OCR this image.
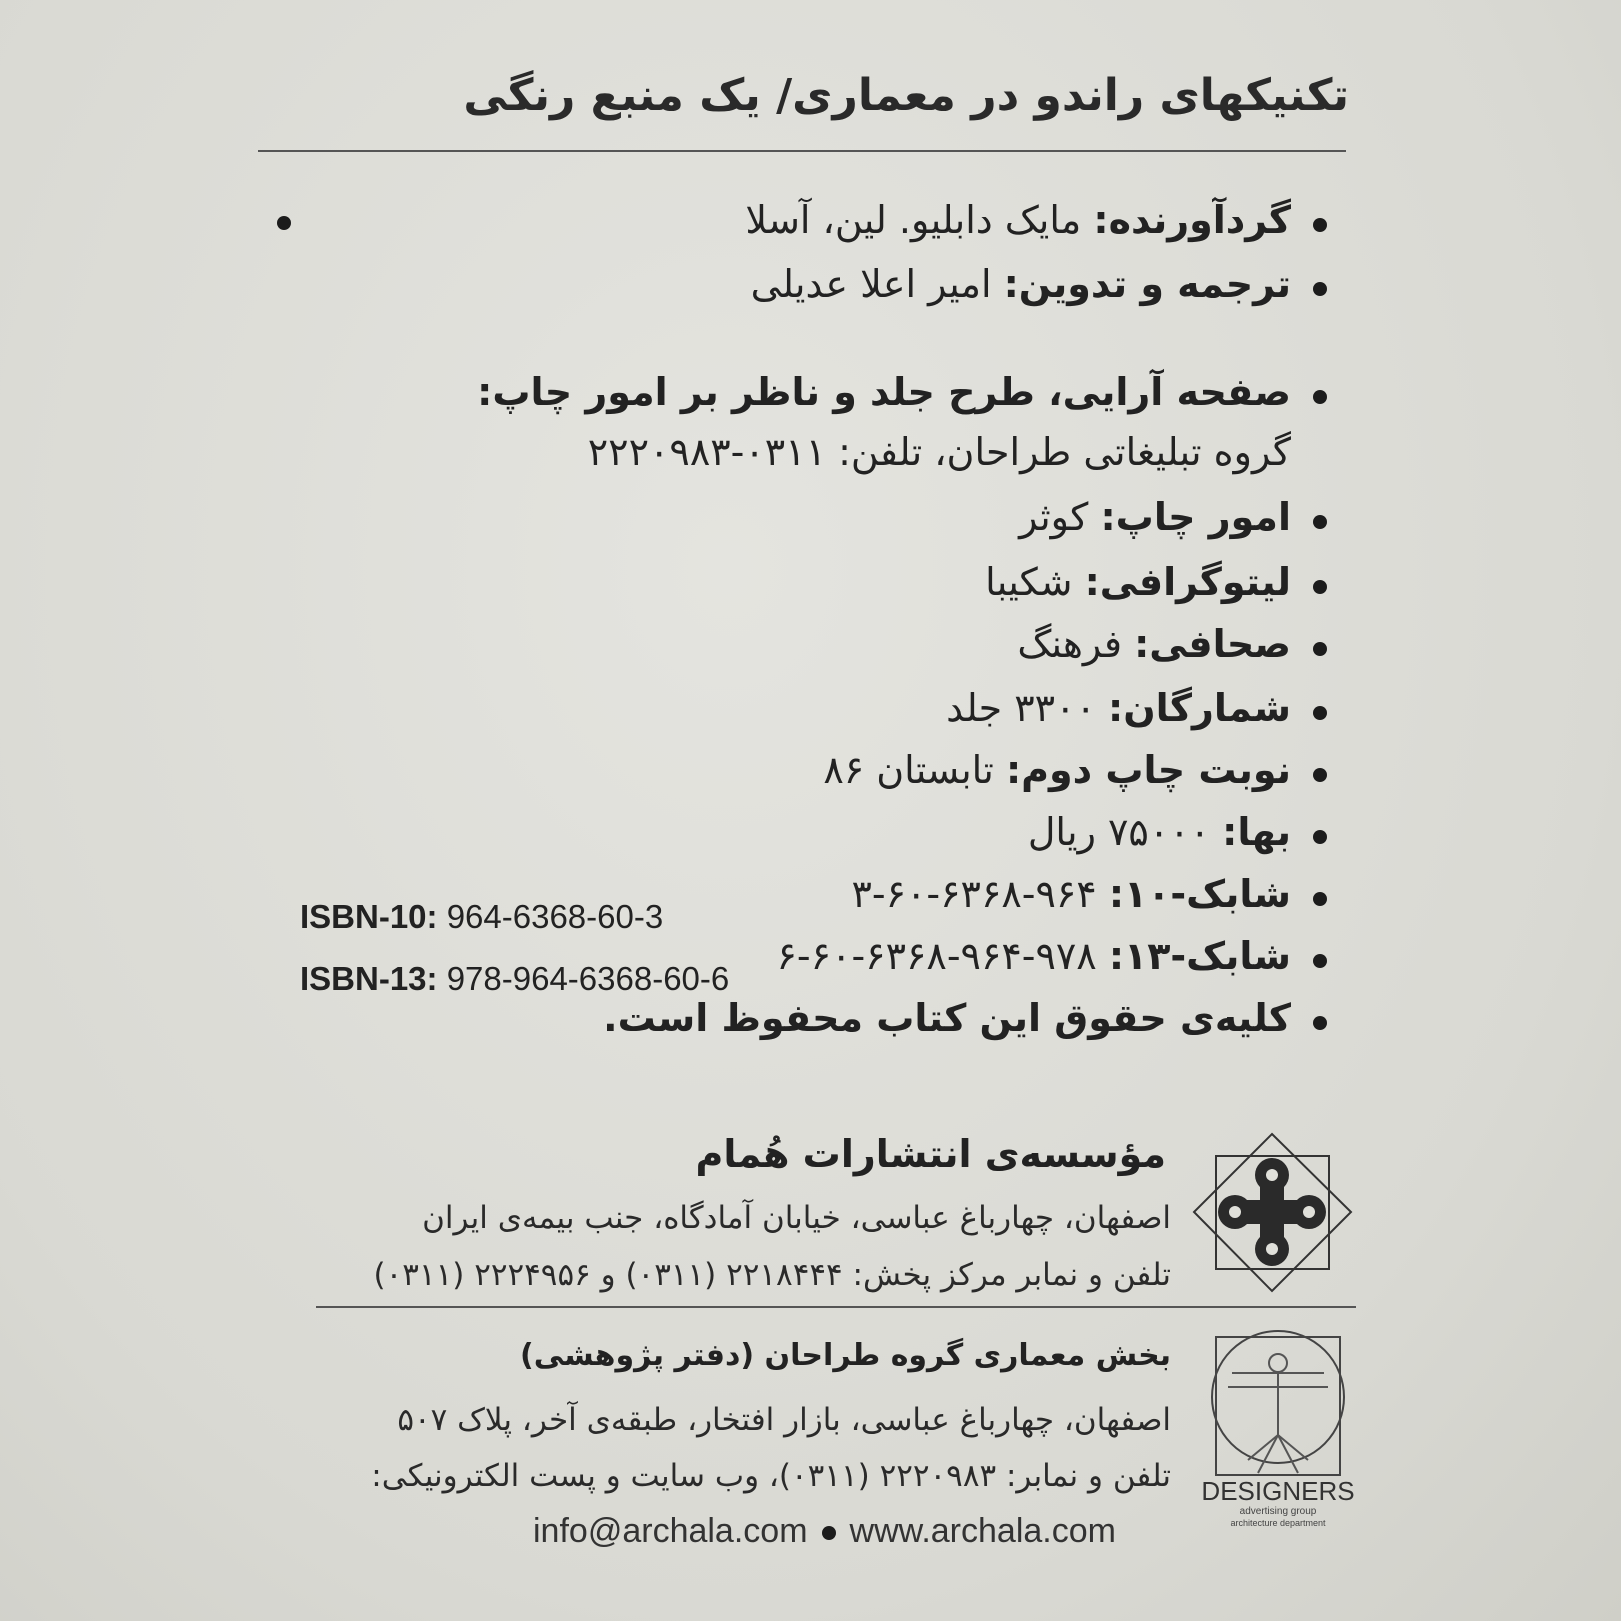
تکنیکهای راندو در معماری/ یک منبع رنگی
گردآورنده: مایک دابلیو. لین، آسلا
ترجمه و تدوین: امیر اعلا عدیلی
صفحه آرایی، طرح جلد و ناظر بر امور چاپ:
گروه تبلیغاتی طراحان، تلفن: ۰۳۱۱-۲۲۲۰۹۸۳
امور چاپ: کوثر
لیتوگرافی: شکیبا
صحافی: فرهنگ
شمارگان: ۳۳۰۰ جلد
نوبت چاپ دوم: تابستان ۸۶
بها: ۷۵۰۰۰ ریال
شابک-۱۰: ۹۶۴-۶۳۶۸-۶۰-۳
شابک-۱۳: ۹۷۸-۹۶۴-۶۳۶۸-۶۰-۶
کلیه‌ی حقوق این کتاب محفوظ است.
ISBN-10: 964-6368-60-3
ISBN-13: 978-964-6368-60-6
مؤسسه‌ی انتشارات هُمام
اصفهان، چهارباغ عباسی، خیابان آمادگاه، جنب بیمه‌ی ایران
تلفن و نمابر مرکز پخش: ۲۲۱۸۴۴۴ (۰۳۱۱) و ۲۲۲۴۹۵۶ (۰۳۱۱)
DESIGNERS
advertising group
architecture department
بخش معماری گروه طراحان (دفتر پژوهشی)
اصفهان، چهارباغ عباسی، بازار افتخار، طبقه‌ی آخر، پلاک ۵۰۷
تلفن و نمابر: ۲۲۲۰۹۸۳ (۰۳۱۱)، وب سایت و پست الکترونیکی:
info@archala.com www.archala.com
